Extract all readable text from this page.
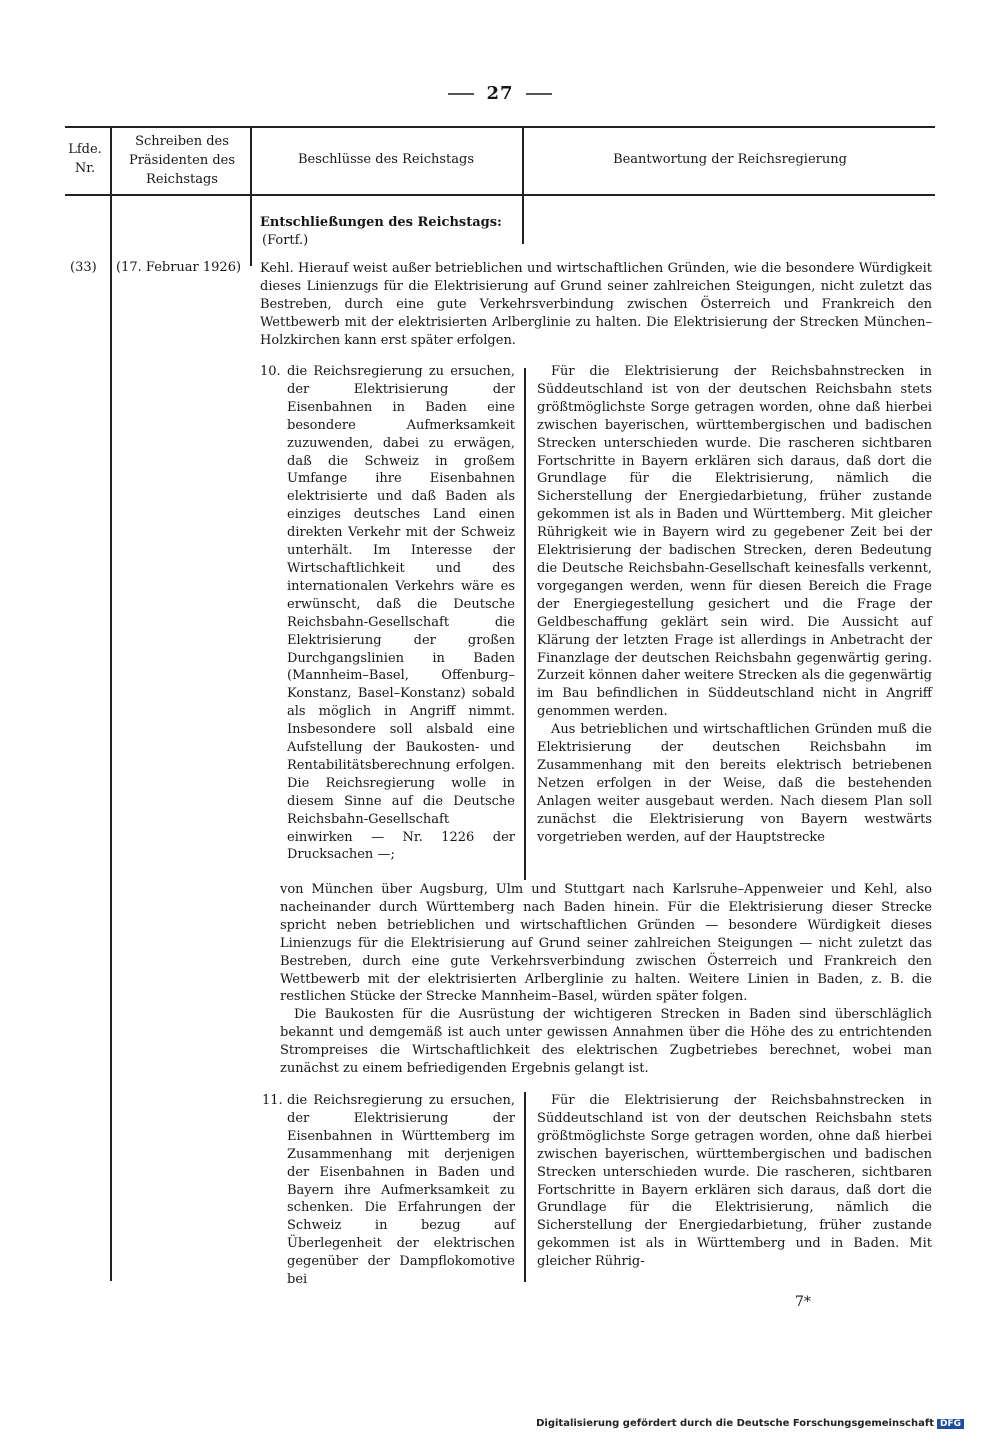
27
Lfde. Nr.
Schreiben des Präsidenten des Reichstags
Beschlüsse des Reichstags	Beantwortung der Reichsregierung
Entschließungen des Reichstags:
(Fortf.)
(33) (17. Februar 1926) Kehl. Hierauf weist außer betrieblichen und wirtschaftlichen Gründen, wie die besondere Würdigkeit dieses Linienzugs für die Elektrisierung auf Grund seiner zahlreichen Steigungen, nicht zuletzt das Bestreben, durch eine gute Verkehrsverbindung zwischen Österreich und Frankreich den Wettbewerb mit der elektrisierten Arlberglinie zu halten. Die Elektrisierung der Strecken München–Holzkirchen kann erst später erfolgen.
10. die Reichsregierung zu ersuchen, der Elektrisierung der Eisenbahnen in Baden eine besondere Aufmerksamkeit zuzuwenden, dabei zu erwägen, daß die Schweiz in großem Umfange ihre Eisenbahnen elektrisierte und daß Baden als einziges deutsches Land einen direkten Verkehr mit der Schweiz unterhält. Im Interesse der Wirtschaftlichkeit und des internationalen Verkehrs wäre es erwünscht, daß die Deutsche Reichsbahn-Gesellschaft die Elektrisierung der großen Durchgangslinien in Baden (Mannheim–Basel, Offenburg–Konstanz, Basel–Konstanz) sobald als möglich in Angriff nimmt. Insbesondere soll alsbald eine Aufstellung der Baukosten- und Rentabilitätsberechnung erfolgen. Die Reichsregierung wolle in diesem Sinne auf die Deutsche Reichsbahn-Gesellschaft einwirken — Nr. 1226 der Drucksachen —;

Für die Elektrisierung der Reichsbahnstrecken in Süddeutschland ist von der deutschen Reichsbahn stets größtmöglichste Sorge getragen worden, ohne daß hierbei zwischen bayerischen, württembergischen und badischen Strecken unterschieden wurde. Die rascheren sichtbaren Fortschritte in Bayern erklären sich daraus, daß dort die Grundlage für die Elektrisierung, nämlich die Sicherstellung der Energiedarbietung, früher zustande gekommen ist als in Baden und Württemberg. Mit gleicher Rührigkeit wie in Bayern wird zu gegebener Zeit bei der Elektrisierung der badischen Strecken, deren Bedeutung die Deutsche Reichsbahn-Gesellschaft keinesfalls verkennt, vorgegangen werden, wenn für diesen Bereich die Frage der Energiegestellung gesichert und die Frage der Geldbeschaffung geklärt sein wird. Die Aussicht auf Klärung der letzten Frage ist allerdings in Anbetracht der Finanzlage der deutschen Reichsbahn gegenwärtig gering. Zurzeit können daher weitere Strecken als die gegenwärtig im Bau befindlichen in Süddeutschland nicht in Angriff genommen werden.

Aus betrieblichen und wirtschaftlichen Gründen muß die Elektrisierung der deutschen Reichsbahn im Zusammenhang mit den bereits elektrisch betriebenen Netzen erfolgen in der Weise, daß die bestehenden Anlagen weiter ausgebaut werden. Nach diesem Plan soll zunächst die Elektrisierung von Bayern westwärts vorgetrieben werden, auf der Hauptstrecke

von München über Augsburg, Ulm und Stuttgart nach Karlsruhe–Appenweier und Kehl, also nacheinander durch Württemberg nach Baden hinein. Für die Elektrisierung dieser Strecke spricht neben betrieblichen und wirtschaftlichen Gründen — besondere Würdigkeit dieses Linienzugs für die Elektrisierung auf Grund seiner zahlreichen Steigungen — nicht zuletzt das Bestreben, durch eine gute Verkehrsverbindung zwischen Österreich und Frankreich den Wettbewerb mit der elektrisierten Arlberglinie zu halten. Weitere Linien in Baden, z. B. die restlichen Stücke der Strecke Mannheim–Basel, würden später folgen.

Die Baukosten für die Ausrüstung der wichtigeren Strecken in Baden sind überschläglich bekannt und demgemäß ist auch unter gewissen Annahmen über die Höhe des zu entrichtenden Strompreises die Wirtschaftlichkeit des elektrischen Zugbetriebes berechnet, wobei man zunächst zu einem befriedigenden Ergebnis gelangt ist.

11. die Reichsregierung zu ersuchen, der Elektrisierung der Eisenbahnen in Württemberg im Zusammenhang mit derjenigen der Eisenbahnen in Baden und Bayern ihre Aufmerksamkeit zu schenken. Die Erfahrungen der Schweiz in bezug auf Überlegenheit der elektrischen gegenüber der Dampflokomotive bei

Für die Elektrisierung der Reichsbahnstrecken in Süddeutschland ist von der deutschen Reichsbahn stets größtmöglichste Sorge getragen worden, ohne daß hierbei zwischen bayerischen, württembergischen und badischen Strecken unterschieden wurde. Die rascheren, sichtbaren Fortschritte in Bayern erklären sich daraus, daß dort die Grundlage für die Elektrisierung, nämlich die Sicherstellung der Energiedarbietung, früher zustande gekommen ist als in Württemberg und in Baden. Mit gleicher Rührig-

7*
Digitalisierung gefördert durch die Deutsche Forschungsgemeinschaft DFG
